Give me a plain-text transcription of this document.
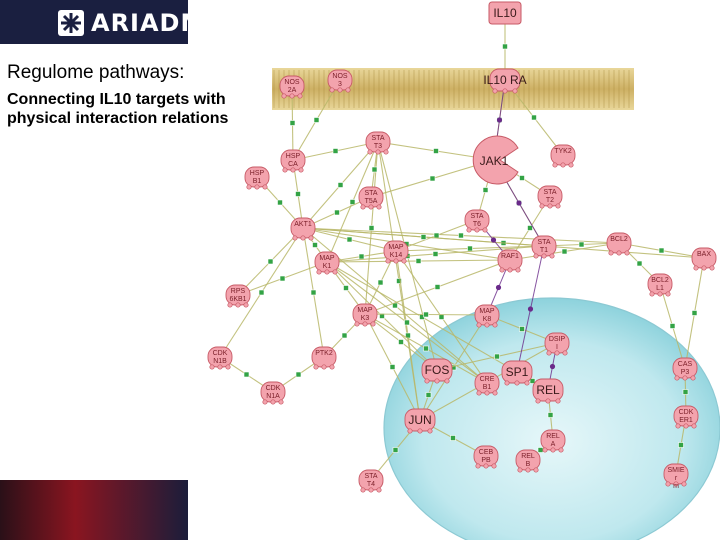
ARIADNE
Regulome pathways:
Connecting IL10 targets with physical interaction relations
IL10
IL10 RA
NOS
2A
NOS
3
STA
T3
HSP
CA
HSP
B1
JAK1
TYK2
STA
T5A
STA
T2
STA
T6
AKT1
MAP
K14
MAP
K1
RAF1
STA
T1
BCL2
BAX
BCL2
L1
RPS
6KB1
MAP
K3
MAP
K8
DSIP
I
CDK
N1B
PTK2
FOS
CRE
B1
SP1
CAS
P3
REL
CDK
N1A
CDK
ER1
JUN
REL
A
CEB
PB
REL
B
STA
T4
SMIE
r
m
